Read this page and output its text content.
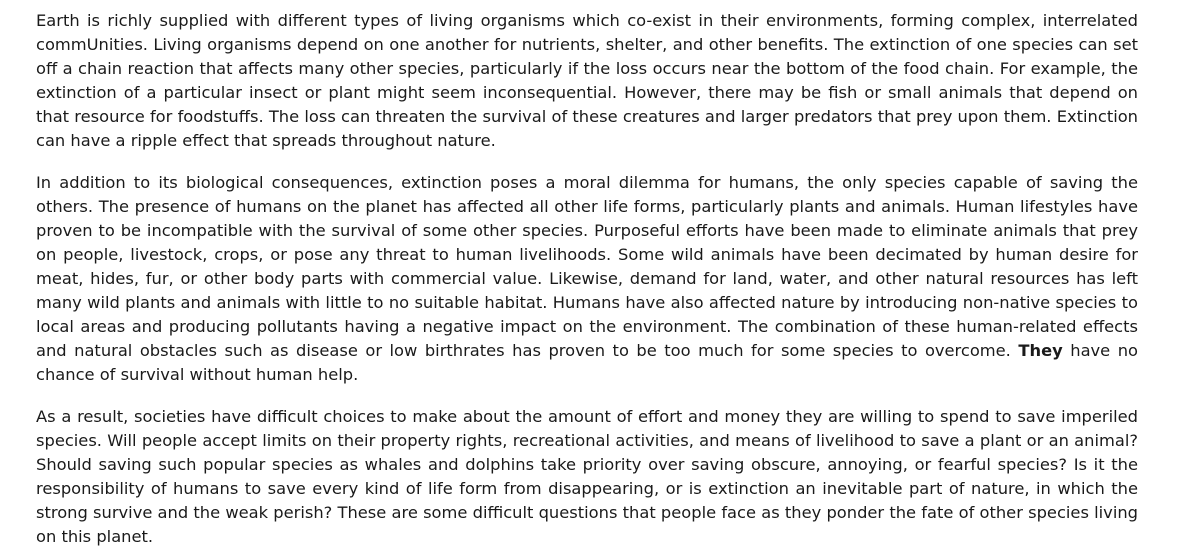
Earth is richly supplied with different types of living organisms which co-exist in their environments, forming complex, interrelated commUnities. Living organisms depend on one another for nutrients, shelter, and other benefits. The extinction of one species can set off a chain reaction that affects many other species, particularly if the loss occurs near the bottom of the food chain. For example, the extinction of a particular insect or plant might seem inconsequential. However, there may be fish or small animals that depend on that resource for foodstuffs. The loss can threaten the survival of these creatures and larger predators that prey upon them. Extinction can have a ripple effect that spreads throughout nature.

In addition to its biological consequences, extinction poses a moral dilemma for humans, the only species capable of saving the others. The presence of humans on the planet has affected all other life forms, particularly plants and animals. Human lifestyles have proven to be incompatible with the survival of some other species. Purposeful efforts have been made to eliminate animals that prey on people, livestock, crops, or pose any threat to human livelihoods. Some wild animals have been decimated by human desire for meat, hides, fur, or other body parts with commercial value. Likewise, demand for land, water, and other natural resources has left many wild plants and animals with little to no suitable habitat. Humans have also affected nature by introducing non-native species to local areas and producing pollutants having a negative impact on the environment. The combination of these human-related effects and natural obstacles such as disease or low birthrates has proven to be too much for some species to overcome. They have no chance of survival without human help.

As a result, societies have difficult choices to make about the amount of effort and money they are willing to spend to save imperiled species. Will people accept limits on their property rights, recreational activities, and means of livelihood to save a plant or an animal? Should saving such popular species as whales and dolphins take priority over saving obscure, annoying, or fearful species? Is it the responsibility of humans to save every kind of life form from disappearing, or is extinction an inevitable part of nature, in which the strong survive and the weak perish? These are some difficult questions that people face as they ponder the fate of other species living on this planet.
